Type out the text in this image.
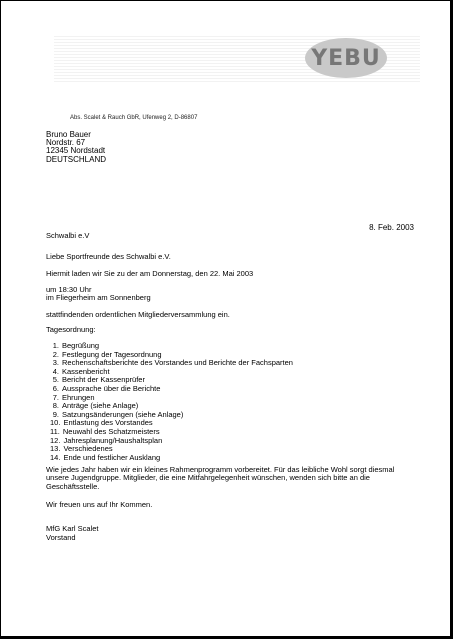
YEBU
Abs. Scalet & Rauch GbR, Ufenweg 2, D-86807
Bruno Bauer
Nordstr. 67
12345 Nordstadt
DEUTSCHLAND
8. Feb. 2003
Schwalbi e.V
Liebe Sportfreunde des Schwalbi e.V.
Hiermit laden wir Sie zu der am Donnerstag, den 22. Mai 2003
um 18:30 Uhr
im Fliegerheim am Sonnenberg
stattfindenden ordentlichen Mitgliederversammlung ein.
Tagesordnung:
1. Begrüßung
2. Festlegung der Tagesordnung
3. Rechenschaftsberichte des Vorstandes und Berichte der Fachsparten
4. Kassenbericht
5. Bericht der Kassenprüfer
6. Aussprache über die Berichte
7. Ehrungen
8. Anträge (siehe Anlage)
9. Satzungsänderungen (siehe Anlage)
10. Entlastung des Vorstandes
11. Neuwahl des Schatzmeisters
12. Jahresplanung/Haushaltsplan
13. Verschiedenes
14. Ende und festlicher Ausklang
Wie jedes Jahr haben wir ein kleines Rahmenprogramm vorbereitet. Für das leibliche Wohl sorgt diesmal unsere Jugendgruppe. Mitglieder, die eine Mitfahrgelegenheit wünschen, wenden sich bitte an die Geschäftsstelle.
Wir freuen uns auf Ihr Kommen.
MfG Karl Scalet
Vorstand
